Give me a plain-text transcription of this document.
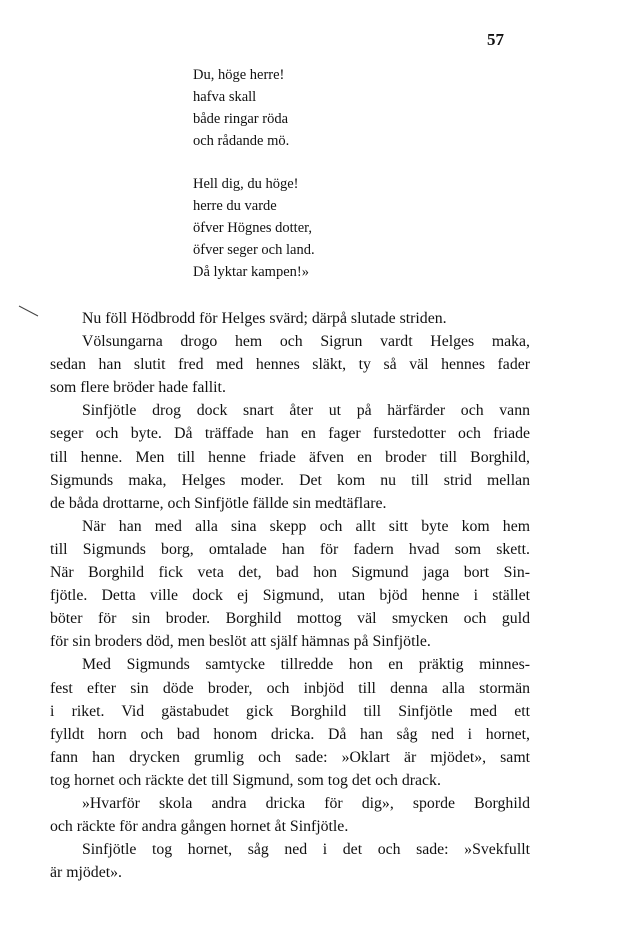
57
Du, höge herre!
hafva skall
både ringar röda
och rådande mö.
Hell dig, du höge!
herre du varde
öfver Högnes dotter,
öfver seger och land.
Då lyktar kampen!»
Nu föll Hödbrodd för Helges svärd; därpå slutade striden.
Völsungarna drogo hem och Sigrun vardt Helges maka,
sedan han slutit fred med hennes släkt, ty så väl hennes fader
som flere bröder hade fallit.
Sinfjötle drog dock snart åter ut på härfärder och vann
seger och byte. Då träffade han en fager furstedotter och friade
till henne. Men till henne friade äfven en broder till Borghild,
Sigmunds maka, Helges moder. Det kom nu till strid mellan
de båda drottarne, och Sinfjötle fällde sin medtäflare.
När han med alla sina skepp och allt sitt byte kom hem
till Sigmunds borg, omtalade han för fadern hvad som skett.
När Borghild fick veta det, bad hon Sigmund jaga bort Sin-
fjötle. Detta ville dock ej Sigmund, utan bjöd henne i stället
böter för sin broder. Borghild mottog väl smycken och guld
för sin broders död, men beslöt att själf hämnas på Sinfjötle.
Med Sigmunds samtycke tillredde hon en präktig minnes-
fest efter sin döde broder, och inbjöd till denna alla stormän
i riket. Vid gästabudet gick Borghild till Sinfjötle med ett
fylldt horn och bad honom dricka. Då han såg ned i hornet,
fann han drycken grumlig och sade: »Oklart är mjödet», samt
tog hornet och räckte det till Sigmund, som tog det och drack.
»Hvarför skola andra dricka för dig», sporde Borghild
och räckte för andra gången hornet åt Sinfjötle.
Sinfjötle tog hornet, såg ned i det och sade: »Svekfullt
är mjödet».
